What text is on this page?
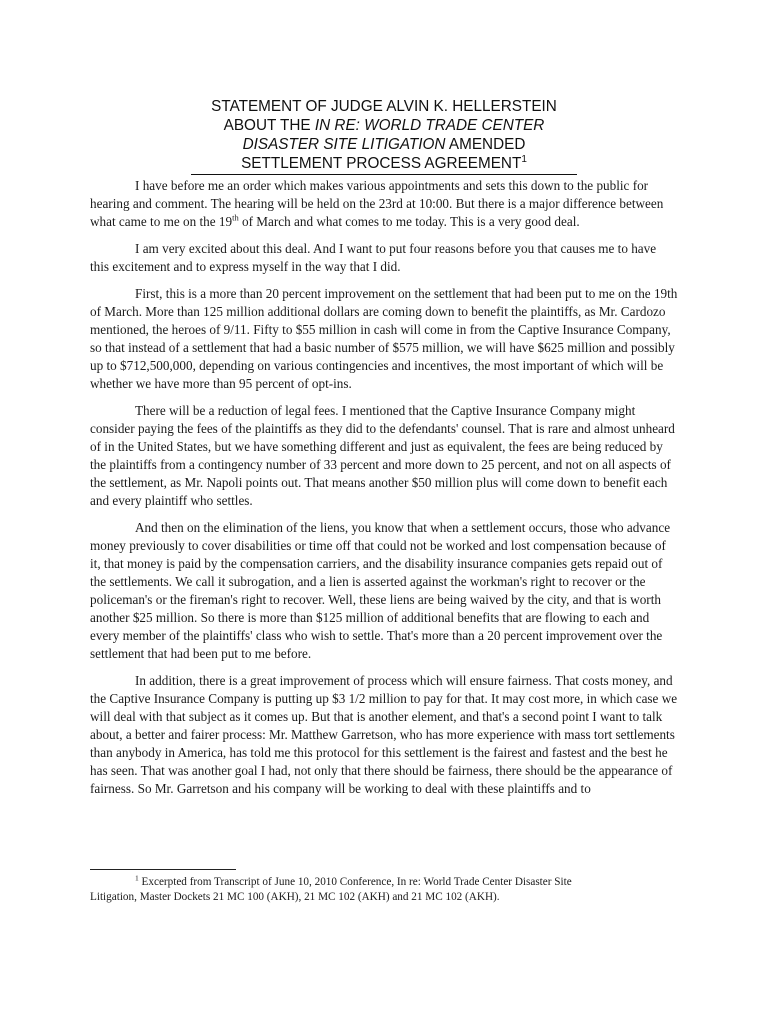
STATEMENT OF JUDGE ALVIN K. HELLERSTEIN
ABOUT THE IN RE: WORLD TRADE CENTER
DISASTER SITE LITIGATION AMENDED
SETTLEMENT PROCESS AGREEMENT$^1$

I have before me an order which makes various appointments and sets this down to the public for hearing and comment. The hearing will be held on the 23rd at 10:00. But there is a major difference between what came to me on the 19th of March and what comes to me today. This is a very good deal.

I am very excited about this deal. And I want to put four reasons before you that causes me to have this excitement and to express myself in the way that I did.

First, this is a more than 20 percent improvement on the settlement that had been put to me on the 19th of March. More than 125 million additional dollars are coming down to benefit the plaintiffs, as Mr. Cardozo mentioned, the heroes of 9/11. Fifty to $55 million in cash will come in from the Captive Insurance Company, so that instead of a settlement that had a basic number of $575 million, we will have $625 million and possibly up to $712,500,000, depending on various contingencies and incentives, the most important of which will be whether we have more than 95 percent of opt-ins.

There will be a reduction of legal fees. I mentioned that the Captive Insurance Company might consider paying the fees of the plaintiffs as they did to the defendants' counsel. That is rare and almost unheard of in the United States, but we have something different and just as equivalent, the fees are being reduced by the plaintiffs from a contingency number of 33 percent and more down to 25 percent, and not on all aspects of the settlement, as Mr. Napoli points out. That means another $50 million plus will come down to benefit each and every plaintiff who settles.

And then on the elimination of the liens, you know that when a settlement occurs, those who advance money previously to cover disabilities or time off that could not be worked and lost compensation because of it, that money is paid by the compensation carriers, and the disability insurance companies gets repaid out of the settlements. We call it subrogation, and a lien is asserted against the workman's right to recover or the policeman's or the fireman's right to recover. Well, these liens are being waived by the city, and that is worth another $25 million. So there is more than $125 million of additional benefits that are flowing to each and every member of the plaintiffs' class who wish to settle. That's more than a 20 percent improvement over the settlement that had been put to me before.

In addition, there is a great improvement of process which will ensure fairness. That costs money, and the Captive Insurance Company is putting up $3 1/2 million to pay for that. It may cost more, in which case we will deal with that subject as it comes up. But that is another element, and that's a second point I want to talk about, a better and fairer process: Mr. Matthew Garretson, who has more experience with mass tort settlements than anybody in America, has told me this protocol for this settlement is the fairest and fastest and the best he has seen. That was another goal I had, not only that there should be fairness, there should be the appearance of fairness. So Mr. Garretson and his company will be working to deal with these plaintiffs and to

$^1$ Excerpted from Transcript of June 10, 2010 Conference, In re: World Trade Center Disaster Site
Litigation, Master Dockets 21 MC 100 (AKH), 21 MC 102 (AKH) and 21 MC 102 (AKH).
